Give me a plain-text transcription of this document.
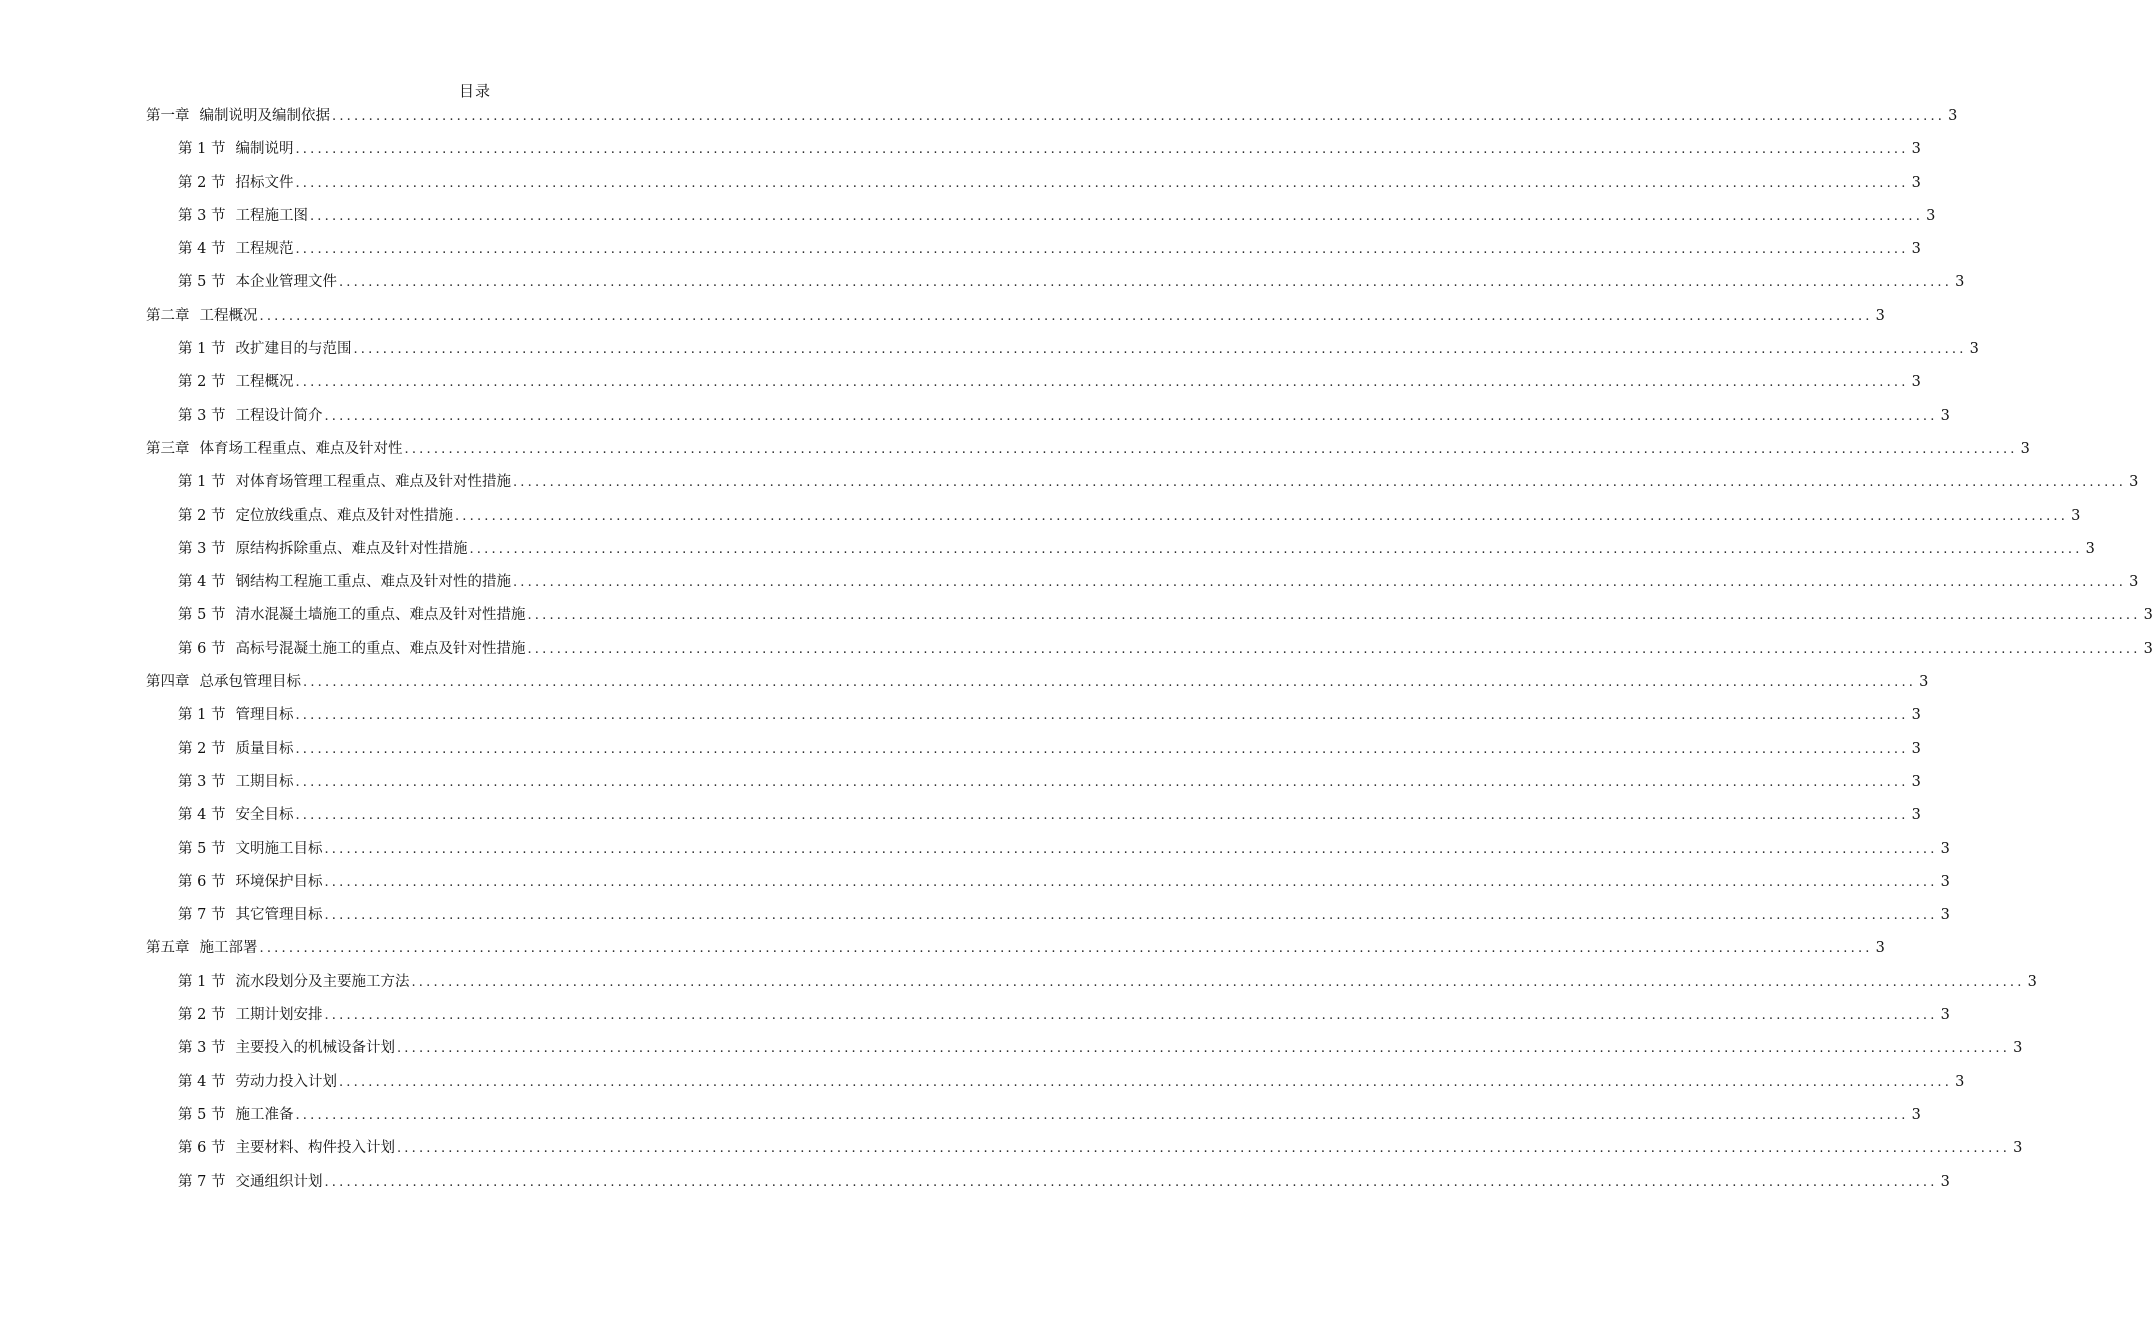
目录
第一章 编制说明及编制依据 ............................................................................................................................................................................................................................ 3
第 1 节 编制说明 ............................................................................................................................................................................................................................ 3
第 2 节 招标文件 ............................................................................................................................................................................................................................ 3
第 3 节 工程施工图 ............................................................................................................................................................................................................................ 3
第 4 节 工程规范 ............................................................................................................................................................................................................................ 3
第 5 节 本企业管理文件 ............................................................................................................................................................................................................................ 3
第二章 工程概况 ............................................................................................................................................................................................................................ 3
第 1 节 改扩建目的与范围 ............................................................................................................................................................................................................................ 3
第 2 节 工程概况 ............................................................................................................................................................................................................................ 3
第 3 节 工程设计简介 ............................................................................................................................................................................................................................ 3
第三章 体育场工程重点、难点及针对性 ............................................................................................................................................................................................................................ 3
第 1 节 对体育场管理工程重点、难点及针对性措施 ............................................................................................................................................................................................................................ 3
第 2 节 定位放线重点、难点及针对性措施 ............................................................................................................................................................................................................................ 3
第 3 节 原结构拆除重点、难点及针对性措施 ............................................................................................................................................................................................................................ 3
第 4 节 钢结构工程施工重点、难点及针对性的措施 ............................................................................................................................................................................................................................ 3
第 5 节 清水混凝土墙施工的重点、难点及针对性措施 ............................................................................................................................................................................................................................ 3
第 6 节 高标号混凝土施工的重点、难点及针对性措施 ............................................................................................................................................................................................................................ 3
第四章 总承包管理目标 ............................................................................................................................................................................................................................ 3
第 1 节 管理目标 ............................................................................................................................................................................................................................ 3
第 2 节 质量目标 ............................................................................................................................................................................................................................ 3
第 3 节 工期目标 ............................................................................................................................................................................................................................ 3
第 4 节 安全目标 ............................................................................................................................................................................................................................ 3
第 5 节 文明施工目标 ............................................................................................................................................................................................................................ 3
第 6 节 环境保护目标 ............................................................................................................................................................................................................................ 3
第 7 节 其它管理目标 ............................................................................................................................................................................................................................ 3
第五章 施工部署 ............................................................................................................................................................................................................................ 3
第 1 节 流水段划分及主要施工方法 ............................................................................................................................................................................................................................ 3
第 2 节 工期计划安排 ............................................................................................................................................................................................................................ 3
第 3 节 主要投入的机械设备计划 ............................................................................................................................................................................................................................ 3
第 4 节 劳动力投入计划 ............................................................................................................................................................................................................................ 3
第 5 节 施工准备 ............................................................................................................................................................................................................................ 3
第 6 节 主要材料、构件投入计划 ............................................................................................................................................................................................................................ 3
第 7 节 交通组织计划 ............................................................................................................................................................................................................................ 3
